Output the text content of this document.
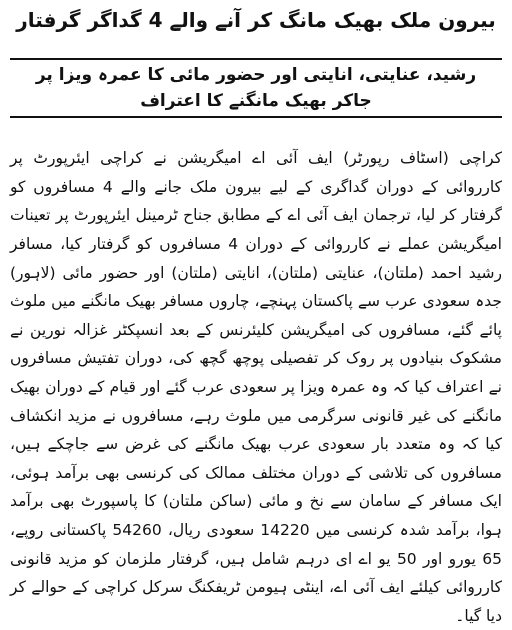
بیرون ملک بھیک مانگ کر آنے والے 4 گداگر گرفتار
رشید، عنایتی، انایتی اور حضور مائی کا عمرہ ویزا پر جاکر بھیک مانگنے کا اعتراف

کراچی (اسٹاف رپورٹر) ایف آئی اے امیگریشن نے کراچی ایئرپورٹ پر کارروائی کے دوران گداگری کے لیے بیرون ملک جانے والے 4 مسافروں کو گرفتار کر لیا، ترجمان ایف آئی اے کے مطابق جناح ٹرمینل ایئرپورٹ پر تعینات امیگریشن عملے نے کارروائی کے دوران 4 مسافروں کو گرفتار کیا، مسافر رشید احمد (ملتان)، عنایتی (ملتان)، انایتی (ملتان) اور حضور مائی (لاہور) جدہ سعودی عرب سے پاکستان پہنچے، چاروں مسافر بھیک مانگنے میں ملوث پائے گئے، مسافروں کی امیگریشن کلیئرنس کے بعد انسپکٹر غزالہ نورین نے مشکوک بنیادوں پر روک کر تفصیلی پوچھ گچھ کی، دوران تفتیش مسافروں نے اعتراف کیا کہ وہ عمرہ ویزا پر سعودی عرب گئے اور قیام کے دوران بھیک مانگنے کی غیر قانونی سرگرمی میں ملوث رہے، مسافروں نے مزید انکشاف کیا کہ وہ متعدد بار سعودی عرب بھیک مانگنے کی غرض سے جاچکے ہیں، مسافروں کی تلاشی کے دوران مختلف ممالک کی کرنسی بھی برآمد ہوئی، ایک مسافر کے سامان سے نخ و مائی (ساکن ملتان) کا پاسپورٹ بھی برآمد ہوا، برآمد شدہ کرنسی میں 14220 سعودی ریال، 54260 پاکستانی روپے، 65 یورو اور 50 یو اے ای درہم شامل ہیں، گرفتار ملزمان کو مزید قانونی کارروائی کیلئے ایف آئی اے، اینٹی ہیومن ٹریفکنگ سرکل کراچی کے حوالے کر دیا گیا۔
